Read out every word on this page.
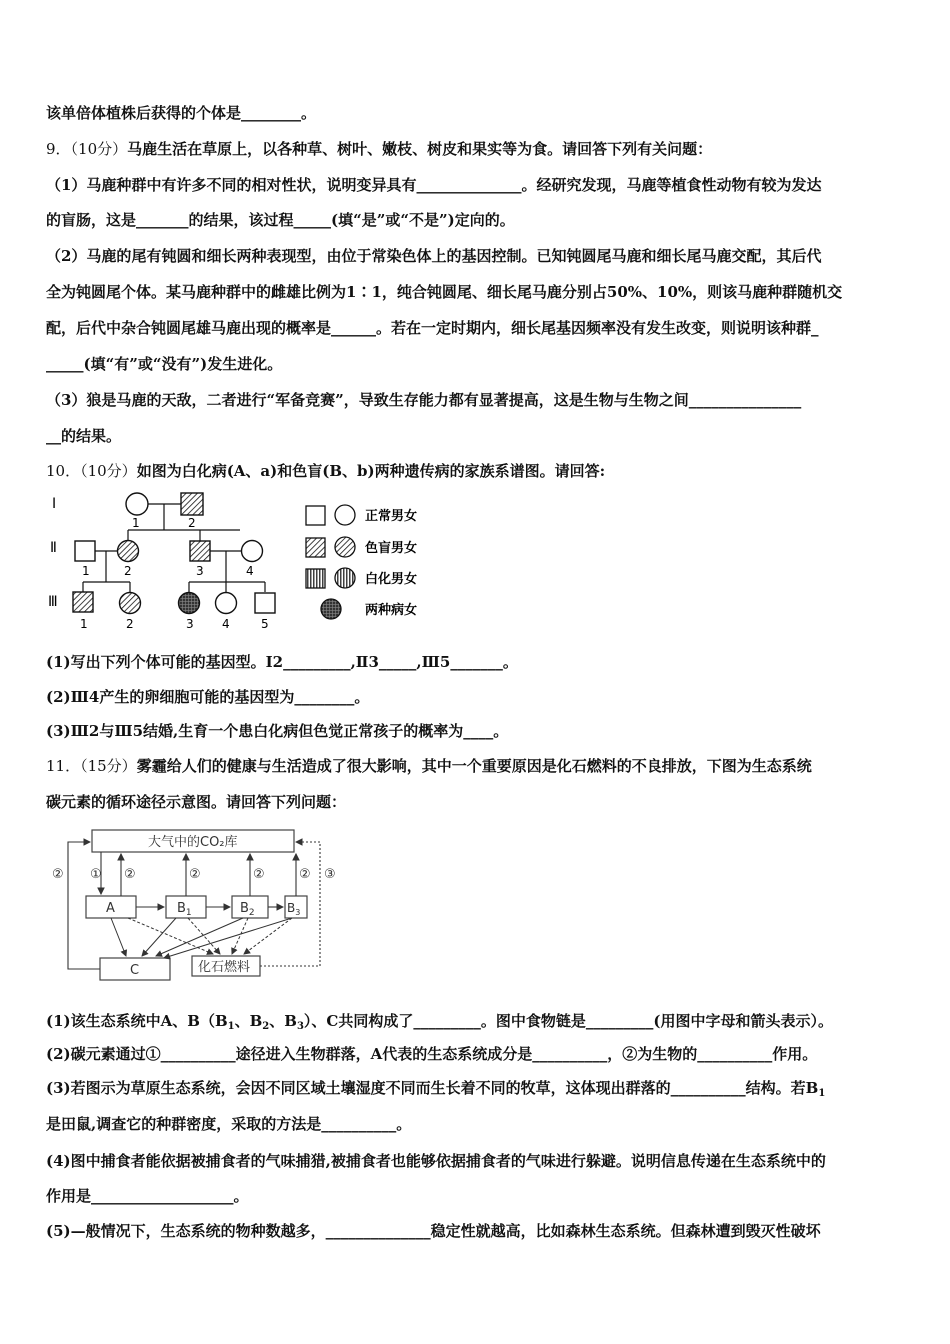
该单倍体植株后获得的个体是________。
9．（10分）马鹿生活在草原上，以各种草、树叶、嫩枝、树皮和果实等为食。请回答下列有关问题：
（1）马鹿种群中有许多不同的相对性状，说明变异具有______________。经研究发现，马鹿等植食性动物有较为发达
的盲肠，这是_______的结果，该过程_____(填“是”或“不是”)定向的。
（2）马鹿的尾有钝圆和细长两种表现型，由位于常染色体上的基因控制。已知钝圆尾马鹿和细长尾马鹿交配，其后代
全为钝圆尾个体。某马鹿种群中的雌雄比例为1∶1，纯合钝圆尾、细长尾马鹿分别占50%、10%，则该马鹿种群随机交
配，后代中杂合钝圆尾雄马鹿出现的概率是______。若在一定时期内，细长尾基因频率没有发生改变，则说明该种群_
_____(填“有”或“没有”)发生进化。
（3）狼是马鹿的天敌，二者进行“军备竞赛”，导致生存能力都有显著提高，这是生物与生物之间_______________
__的结果。
10．（10分）如图为白化病(A、a)和色盲(B、b)两种遗传病的家族系谱图。请回答:
Ⅰ
Ⅱ
Ⅲ
1	2
1	2	3	4
1	2	3 4	5
正常男女
色盲男女
白化男女
两种病女
(1)写出下列个体可能的基因型。Ⅰ2_________,Ⅱ3_____,Ⅲ5_______。
(2)Ⅲ4产生的卵细胞可能的基因型为________。
(3)Ⅲ2与Ⅲ5结婚,生育一个患白化病但色觉正常孩子的概率为____。
11．（15分）雾霾给人们的健康与生活造成了很大影响，其中一个重要原因是化石燃料的不良排放，下图为生态系统
碳元素的循环途径示意图。请回答下列问题：
大气中的CO₂库
A	$B_1$	$B_2$	$B_3$
C	化石燃料
① ②	②	②	②
②	③
(1)该生态系统中A、$B(B_1$、$B_2$、$B_3$）、C共同构成了_________。图中食物链是_________(用图中字母和箭头表示）。
(2)碳元素通过①__________途径进入生物群落，A代表的生态系统成分是__________，②为生物的__________作用。
(3)若图示为草原生态系统，会因不同区域土壤湿度不同而生长着不同的牧草，这体现出群落的__________结构。若$B_1$
是田鼠,调查它的种群密度，采取的方法是__________。
(4)图中捕食者能依据被捕食者的气味捕猎,被捕食者也能够依据捕食者的气味进行躲避。说明信息传递在生态系统中的
作用是___________________。
(5)—般情况下，生态系统的物种数越多，______________稳定性就越高，比如森林生态系统。但森林遭到毁灭性破坏
